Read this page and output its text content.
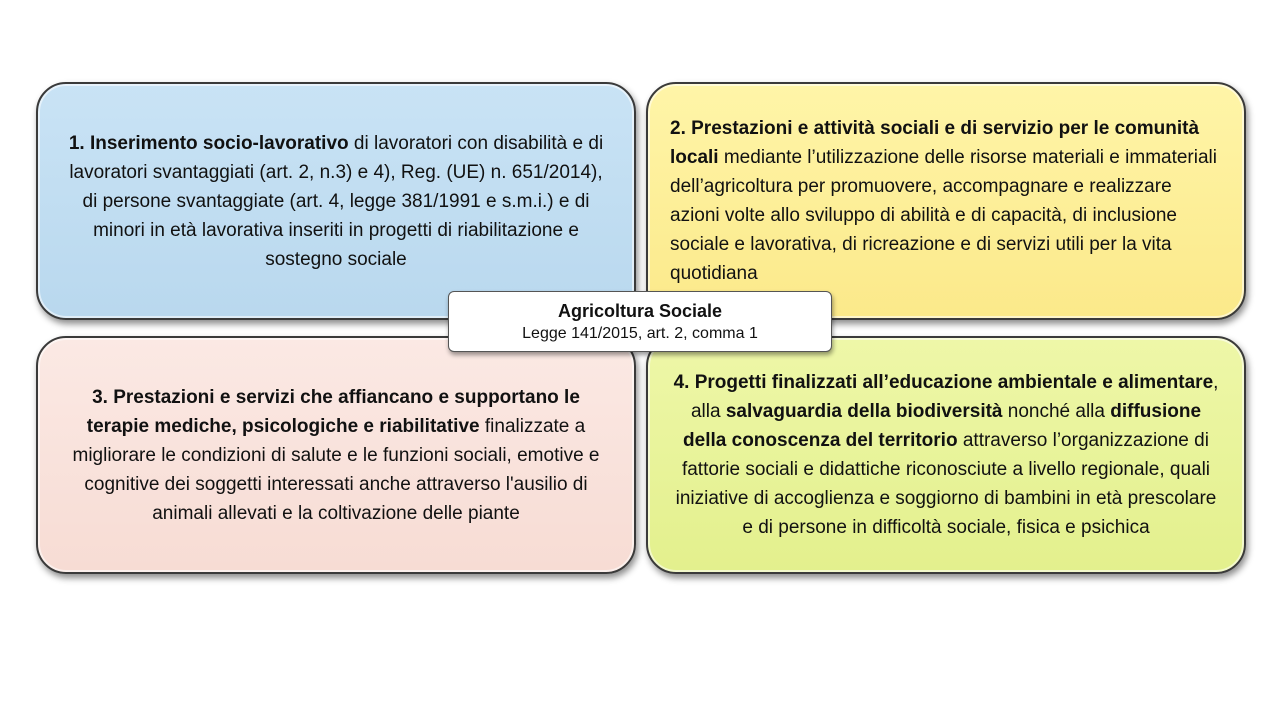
1. Inserimento socio-lavorativo di lavoratori con disabilità e di lavoratori svantaggiati (art. 2, n.3) e 4), Reg. (UE) n. 651/2014), di persone svantaggiate (art. 4, legge 381/1991 e s.m.i.) e di minori in età lavorativa inseriti in progetti di riabilitazione e sostegno sociale
2. Prestazioni e attività sociali e di servizio per le comunità locali mediante l’utilizzazione delle risorse materiali e immateriali dell’agricoltura per promuovere, accompagnare e realizzare azioni volte allo sviluppo di abilità e di capacità, di inclusione sociale e lavorativa, di ricreazione e di servizi utili per la vita quotidiana
3. Prestazioni e servizi che affiancano e supportano le terapie mediche, psicologiche e riabilitative finalizzate a migliorare le condizioni di salute e le funzioni sociali, emotive e cognitive dei soggetti interessati anche attraverso l'ausilio di animali allevati e la coltivazione delle piante
4. Progetti finalizzati all’educazione ambientale e alimentare, alla salvaguardia della biodiversità nonché alla diffusione della conoscenza del territorio attraverso l’organizzazione di fattorie sociali e didattiche riconosciute a livello regionale, quali iniziative di accoglienza e soggiorno di bambini in età prescolare e di persone in difficoltà sociale, fisica e psichica
Agricoltura Sociale
Legge 141/2015, art. 2, comma 1
